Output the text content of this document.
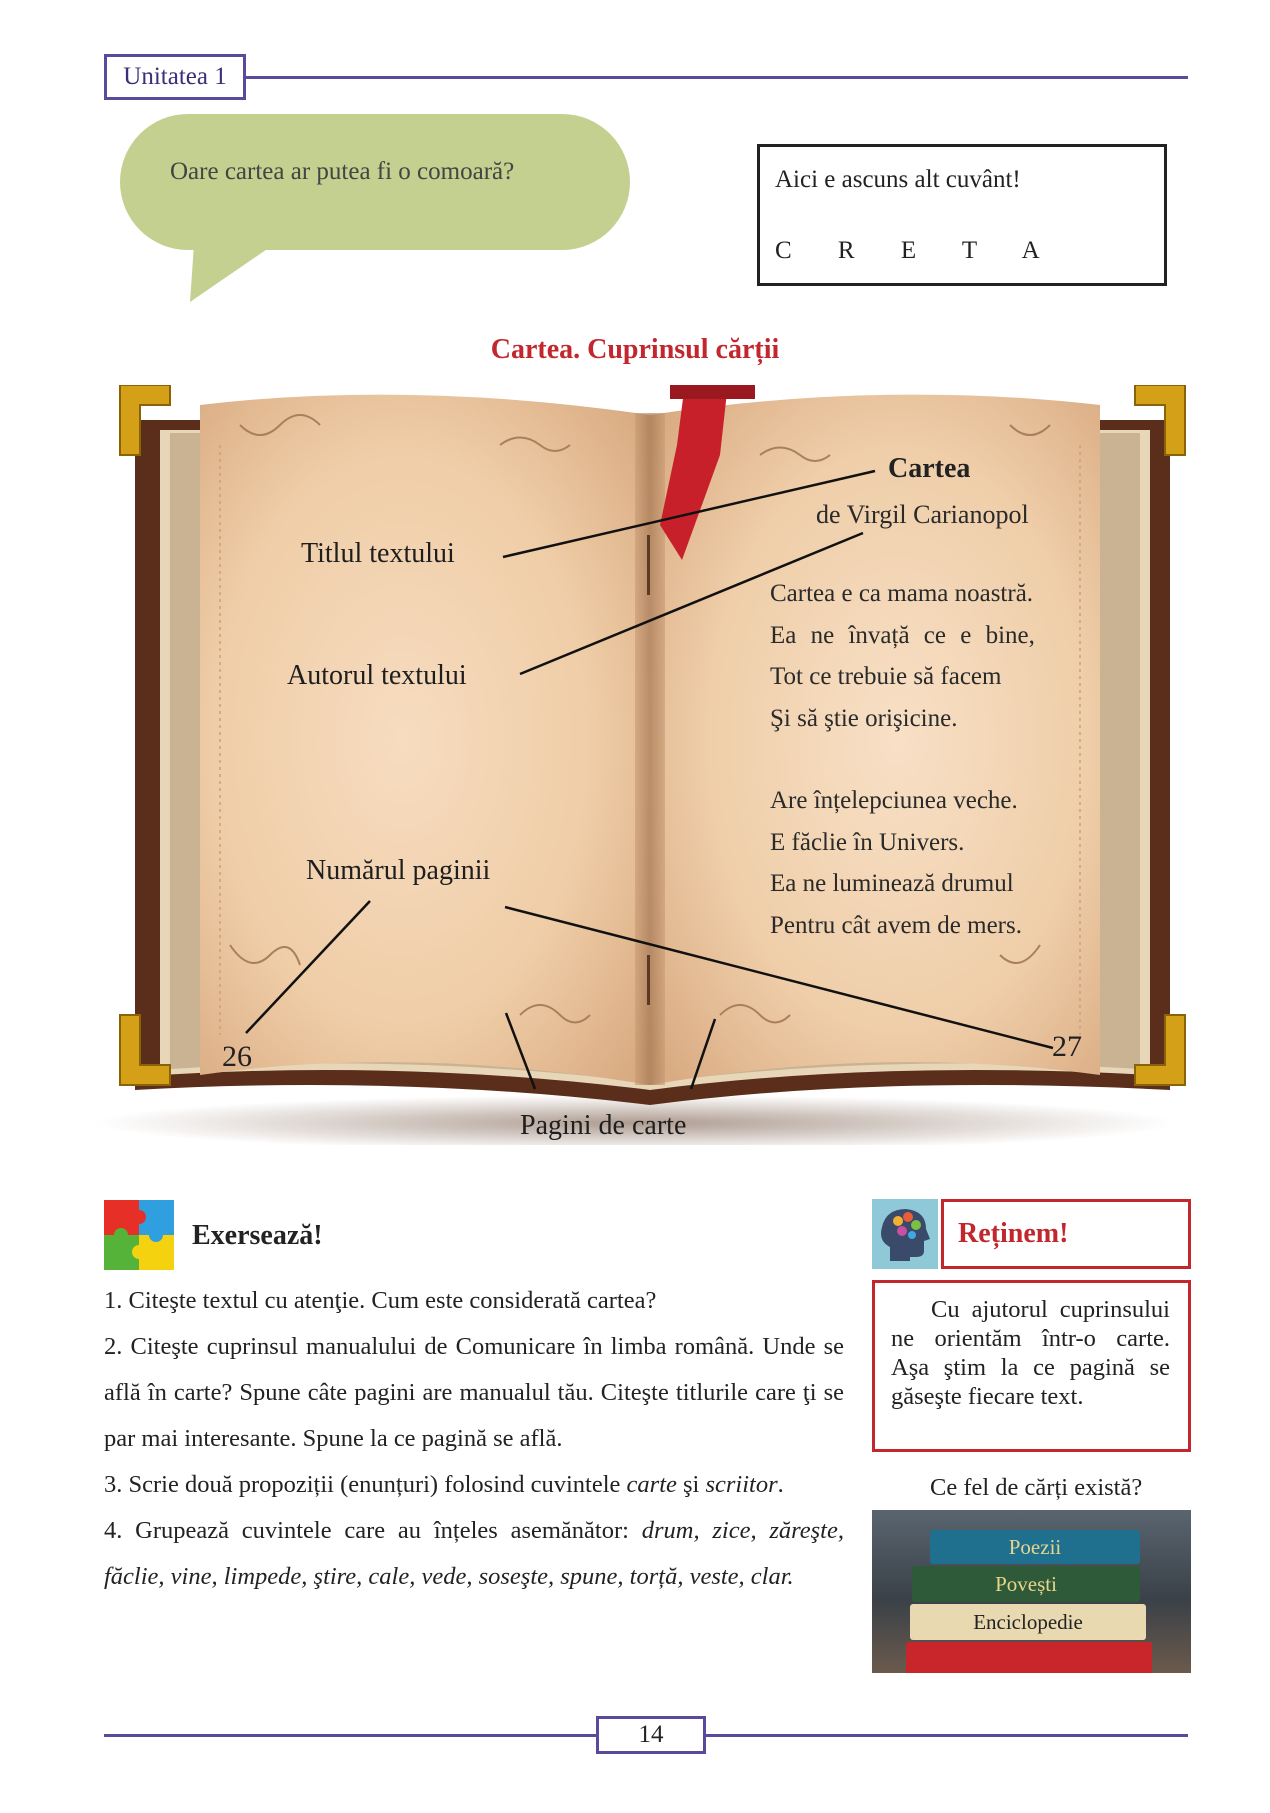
Unitatea 1
Oare cartea ar putea fi o comoară?	Aici e ascuns alt cuvânt!
C R E T A
Cartea. Cuprinsul cărții
Titlul textului
Autorul textului
Numărul paginii
Pagini de carte
Cartea
de Virgil Carianopol
Cartea e ca mama noastră.
Ea ne învață ce e bine,
Tot ce trebuie să facem
Şi să ştie orişicine.
Are înțelepciunea veche.
E făclie în Univers.
Ea ne luminează drumul
Pentru cât avem de mers.
26	27
Exersează!

1. Citeşte textul cu atenţie. Cum este considerată cartea?

2. Citeşte cuprinsul manualului de Comunicare în limba română. Unde se află în carte? Spune câte pagini are manualul tău. Citeşte titlurile care ţi se par mai interesante. Spune la ce pagină se află.

3. Scrie două propoziții (enunțuri) folosind cuvintele carte şi scriitor.

4. Grupează cuvintele care au înțeles asemănător: drum, zice, zăreşte, făclie, vine, limpede, ştire, cale, vede, soseşte, spune, torță, veste, clar.

Reținem!
Cu ajutorul cuprinsului ne orientăm într-o carte. Aşa ştim la ce pagină se găseşte fiecare text.
Ce fel de cărți există?
Poezii
Povești
Enciclopedie
14
